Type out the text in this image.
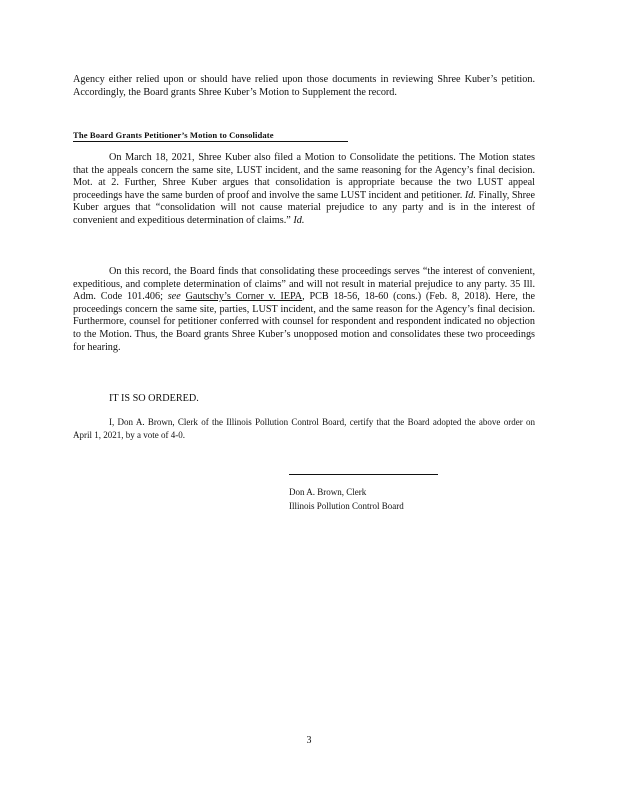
Agency either relied upon or should have relied upon those documents in reviewing Shree Kuber’s petition. Accordingly, the Board grants Shree Kuber’s Motion to Supplement the record.

The Board Grants Petitioner’s Motion to Consolidate

On March 18, 2021, Shree Kuber also filed a Motion to Consolidate the petitions. The Motion states that the appeals concern the same site, LUST incident, and the same reasoning for the Agency’s final decision. Mot. at 2. Further, Shree Kuber argues that consolidation is appropriate because the two LUST appeal proceedings have the same burden of proof and involve the same LUST incident and petitioner. Id. Finally, Shree Kuber argues that “consolidation will not cause material prejudice to any party and is in the interest of convenient and expeditious determination of claims.” Id.

On this record, the Board finds that consolidating these proceedings serves “the interest of convenient, expeditious, and complete determination of claims” and will not result in material prejudice to any party. 35 Ill. Adm. Code 101.406; see Gautschy’s Corner v. IEPA, PCB 18-56, 18-60 (cons.) (Feb. 8, 2018). Here, the proceedings concern the same site, parties, LUST incident, and the same reason for the Agency’s final decision. Furthermore, counsel for petitioner conferred with counsel for respondent and respondent indicated no objection to the Motion. Thus, the Board grants Shree Kuber’s unopposed motion and consolidates these two proceedings for hearing.

IT IS SO ORDERED.

I, Don A. Brown, Clerk of the Illinois Pollution Control Board, certify that the Board adopted the above order on April 1, 2021, by a vote of 4-0.

Don A. Brown, Clerk
Illinois Pollution Control Board
3
